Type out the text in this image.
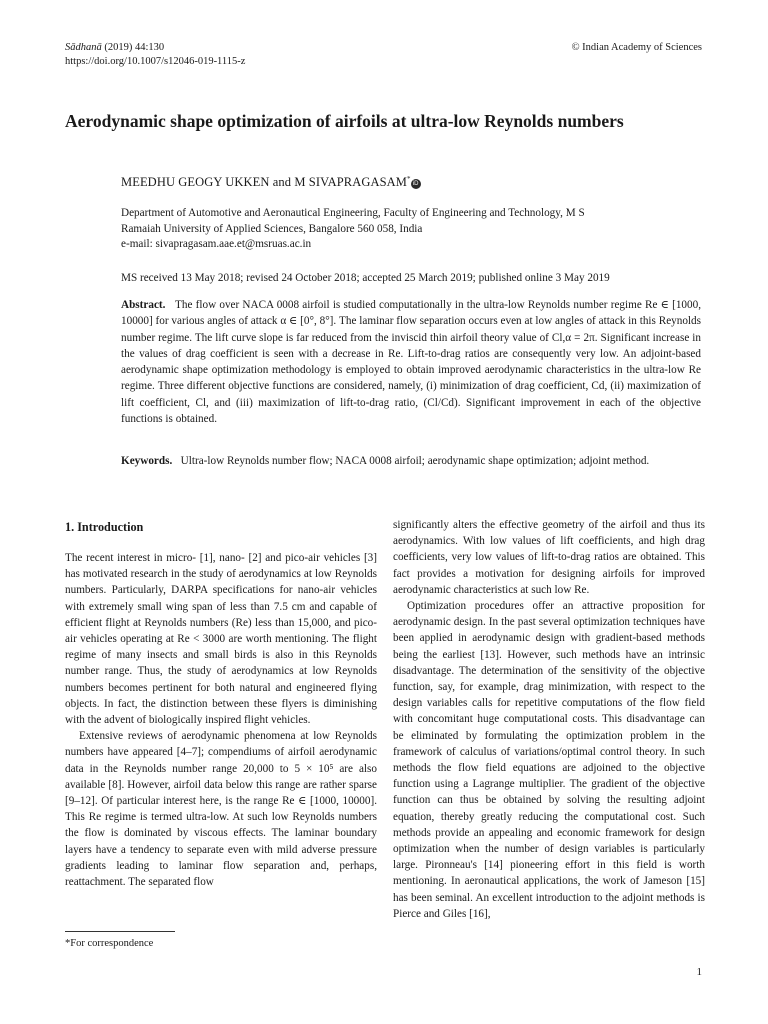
Sādhanā (2019) 44:130
https://doi.org/10.1007/s12046-019-1115-z
© Indian Academy of Sciences
Aerodynamic shape optimization of airfoils at ultra-low Reynolds numbers
MEEDHU GEOGY UKKEN and M SIVAPRAGASAM*iD
Department of Automotive and Aeronautical Engineering, Faculty of Engineering and Technology, M S
Ramaiah University of Applied Sciences, Bangalore 560 058, India
e-mail: sivapragasam.aae.et@msruas.ac.in
MS received 13 May 2018; revised 24 October 2018; accepted 25 March 2019; published online 3 May 2019
Abstract. The flow over NACA 0008 airfoil is studied computationally in the ultra-low Reynolds number regime Re ∈ [1000, 10000] for various angles of attack α ∈ [0°, 8°]. The laminar flow separation occurs even at low angles of attack in this Reynolds number regime. The lift curve slope is far reduced from the inviscid thin airfoil theory value of Cl,α = 2π. Significant increase in the values of drag coefficient is seen with a decrease in Re. Lift-to-drag ratios are consequently very low. An adjoint-based aerodynamic shape optimization methodology is employed to obtain improved aerodynamic characteristics in the ultra-low Re regime. Three different objective functions are considered, namely, (i) minimization of drag coefficient, Cd, (ii) maximization of lift coefficient, Cl, and (iii) maximization of lift-to-drag ratio, (Cl/Cd). Significant improvement in each of the objective functions is obtained.
Keywords. Ultra-low Reynolds number flow; NACA 0008 airfoil; aerodynamic shape optimization; adjoint method.
1. Introduction

The recent interest in micro- [1], nano- [2] and pico-air vehicles [3] has motivated research in the study of aerodynamics at low Reynolds numbers. Particularly, DARPA specifications for nano-air vehicles with extremely small wing span of less than 7.5 cm and capable of efficient flight at Reynolds numbers (Re) less than 15,000, and pico-air vehicles operating at Re < 3000 are worth mentioning. The flight regime of many insects and small birds is also in this Reynolds number range. Thus, the study of aerodynamics at low Reynolds numbers becomes pertinent for both natural and engineered flying objects. In fact, the distinction between these flyers is diminishing with the advent of biologically inspired flight vehicles.

Extensive reviews of aerodynamic phenomena at low Reynolds numbers have appeared [4–7]; compendiums of airfoil aerodynamic data in the Reynolds number range 20,000 to 5 × 10⁵ are also available [8]. However, airfoil data below this range are rather sparse [9–12]. Of particular interest here, is the range Re ∈ [1000, 10000]. This Re regime is termed ultra-low. At such low Reynolds numbers the flow is dominated by viscous effects. The laminar boundary layers have a tendency to separate even with mild adverse pressure gradients leading to laminar flow separation and, perhaps, reattachment. The separated flow

significantly alters the effective geometry of the airfoil and thus its aerodynamics. With low values of lift coefficients, and high drag coefficients, very low values of lift-to-drag ratios are obtained. This fact provides a motivation for designing airfoils for improved aerodynamic characteristics at such low Re.

Optimization procedures offer an attractive proposition for aerodynamic design. In the past several optimization techniques have been applied in aerodynamic design with gradient-based methods being the earliest [13]. However, such methods have an intrinsic disadvantage. The determination of the sensitivity of the objective function, say, for example, drag minimization, with respect to the design variables calls for repetitive computations of the flow field with concomitant huge computational costs. This disadvantage can be eliminated by formulating the optimization problem in the framework of calculus of variations/optimal control theory. In such methods the flow field equations are adjoined to the objective function using a Lagrange multiplier. The gradient of the objective function can thus be obtained by solving the resulting adjoint equation, thereby greatly reducing the computational cost. Such methods provide an appealing and economic framework for design optimization when the number of design variables is particularly large. Pironneau's [14] pioneering effort in this field is worth mentioning. In aeronautical applications, the work of Jameson [15] has been seminal. An excellent introduction to the adjoint methods is Pierce and Giles [16],

*For correspondence
1
